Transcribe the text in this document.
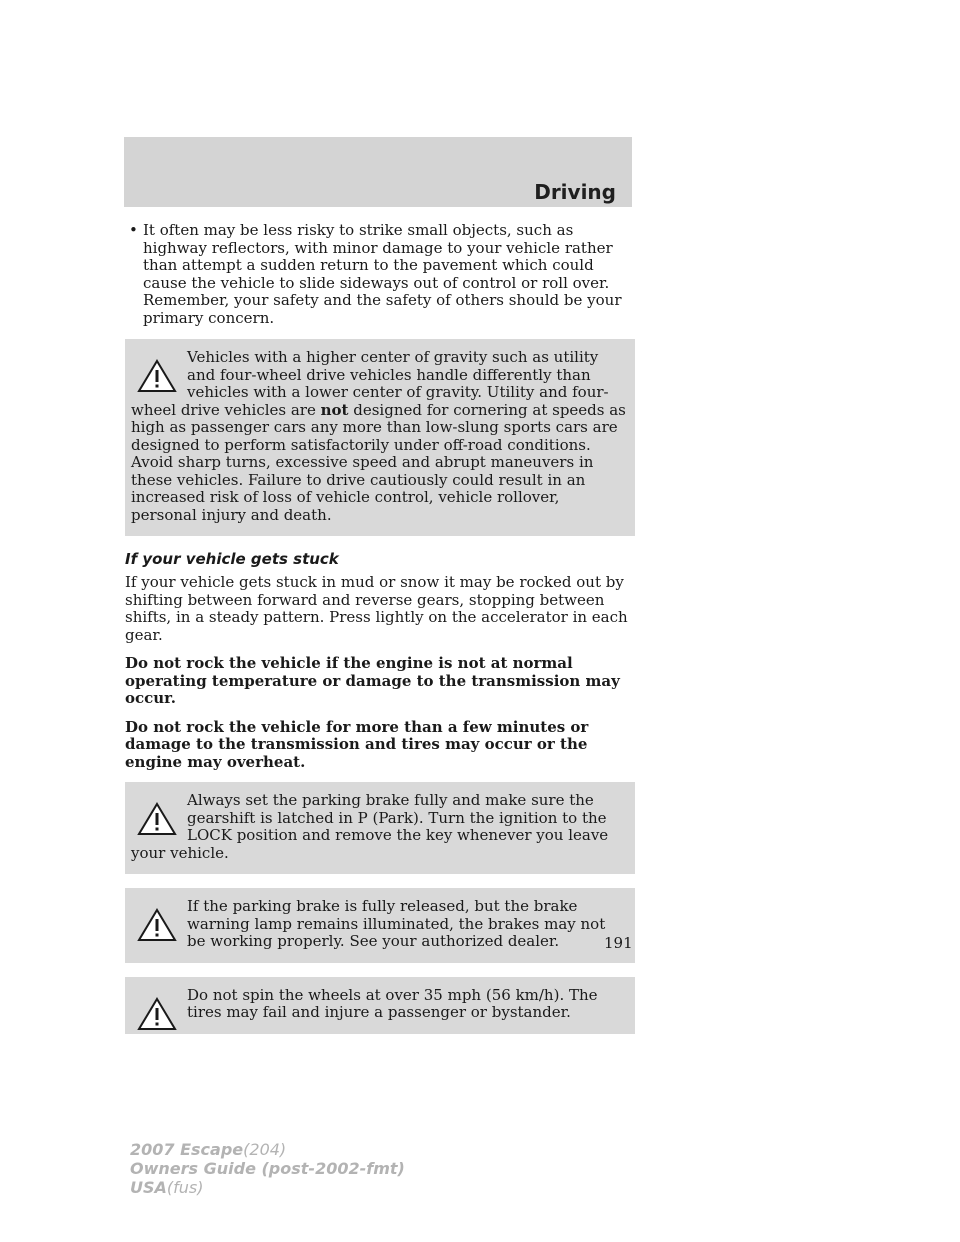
Driving
• It often may be less risky to strike small objects, such as highway reflectors, with minor damage to your vehicle rather than attempt a sudden return to the pavement which could cause the vehicle to slide sideways out of control or roll over. Remember, your safety and the safety of others should be your primary concern.
Vehicles with a higher center of gravity such as utility and four-wheel drive vehicles handle differently than vehicles with a lower center of gravity. Utility and four-wheel drive vehicles are not designed for cornering at speeds as high as passenger cars any more than low-slung sports cars are designed to perform satisfactorily under off-road conditions. Avoid sharp turns, excessive speed and abrupt maneuvers in these vehicles. Failure to drive cautiously could result in an increased risk of loss of vehicle control, vehicle rollover, personal injury and death.
If your vehicle gets stuck

If your vehicle gets stuck in mud or snow it may be rocked out by shifting between forward and reverse gears, stopping between shifts, in a steady pattern. Press lightly on the accelerator in each gear.

Do not rock the vehicle if the engine is not at normal operating temperature or damage to the transmission may occur.

Do not rock the vehicle for more than a few minutes or damage to the transmission and tires may occur or the engine may overheat.

Always set the parking brake fully and make sure the gearshift is latched in P (Park). Turn the ignition to the LOCK position and remove the key whenever you leave your vehicle.
If the parking brake is fully released, but the brake warning lamp remains illuminated, the brakes may not be working properly. See your authorized dealer.
Do not spin the wheels at over 35 mph (56 km/h). The tires may fail and injure a passenger or bystander.
191
2007 Escape(204)
Owners Guide (post-2002-fmt)
USA(fus)
